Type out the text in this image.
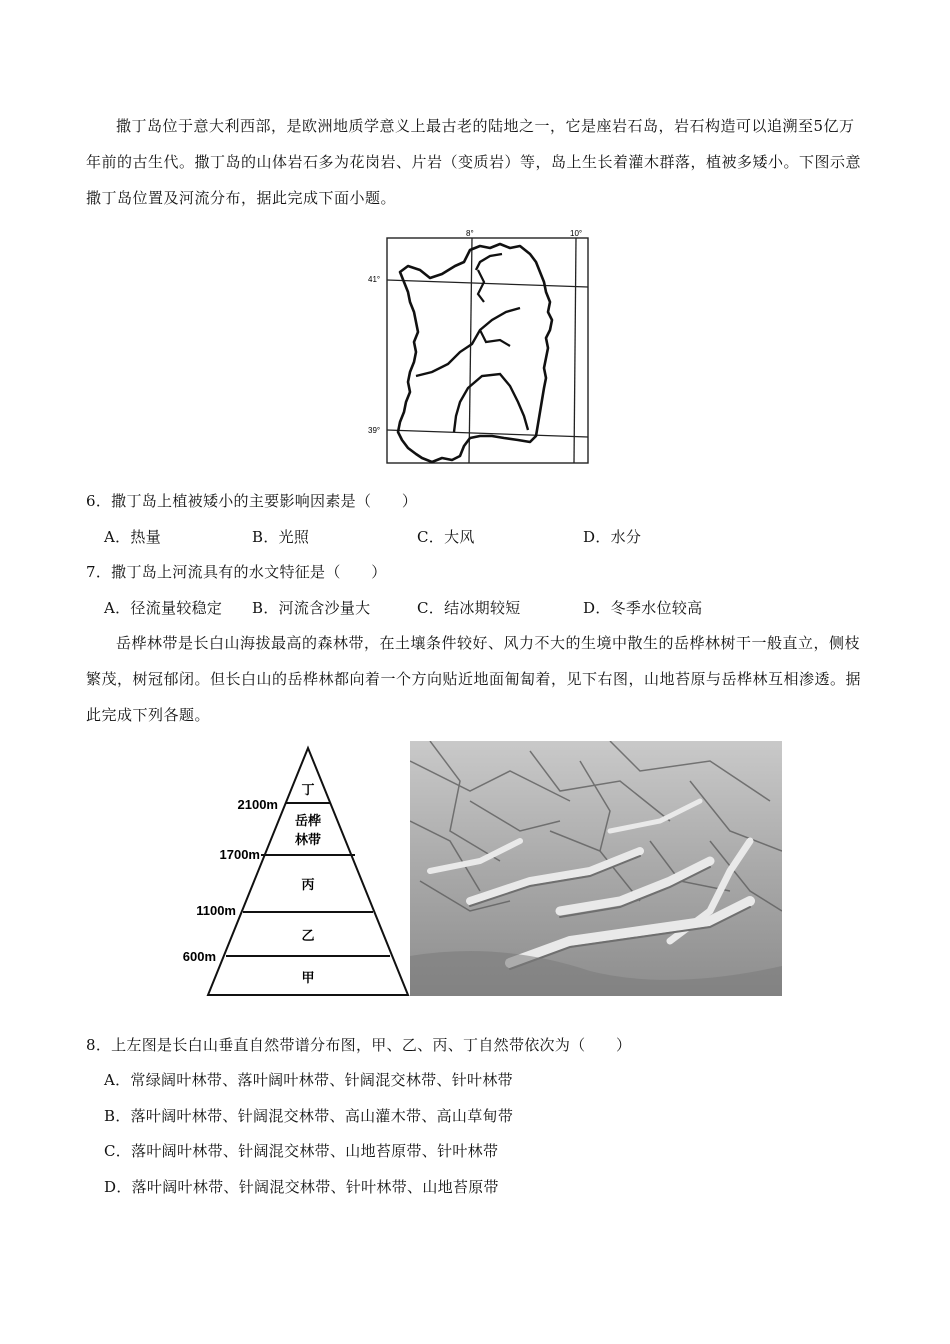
撒丁岛位于意大利西部，是欧洲地质学意义上最古老的陆地之一，它是座岩石岛，岩石构造可以追溯至5亿万年前的古生代。撒丁岛的山体岩石多为花岗岩、片岩（变质岩）等，岛上生长着灌木群落，植被多矮小。下图示意撒丁岛位置及河流分布，据此完成下面小题。

8°	10°
41°
39°

6．撒丁岛上植被矮小的主要影响因素是（　　）

A．热量	B．光照	C．大风	D．水分

7．撒丁岛上河流具有的水文特征是（　　）

A．径流量较稳定 B．河流含沙量大	C．结冰期较短	D．冬季水位较高

岳桦林带是长白山海拔最高的森林带，在土壤条件较好、风力不大的生境中散生的岳桦林树干一般直立，侧枝繁茂，树冠郁闭。但长白山的岳桦林都向着一个方向贴近地面匍匐着，见下右图，山地苔原与岳桦林互相渗透。据此完成下列各题。

丁
岳桦
林带
丙
乙
甲
2100m
1700m
1100m
600m

8．上左图是长白山垂直自然带谱分布图，甲、乙、丙、丁自然带依次为（　　）

A．常绿阔叶林带、落叶阔叶林带、针阔混交林带、针叶林带

B．落叶阔叶林带、针阔混交林带、高山灌木带、高山草甸带

C．落叶阔叶林带、针阔混交林带、山地苔原带、针叶林带

D．落叶阔叶林带、针阔混交林带、针叶林带、山地苔原带
